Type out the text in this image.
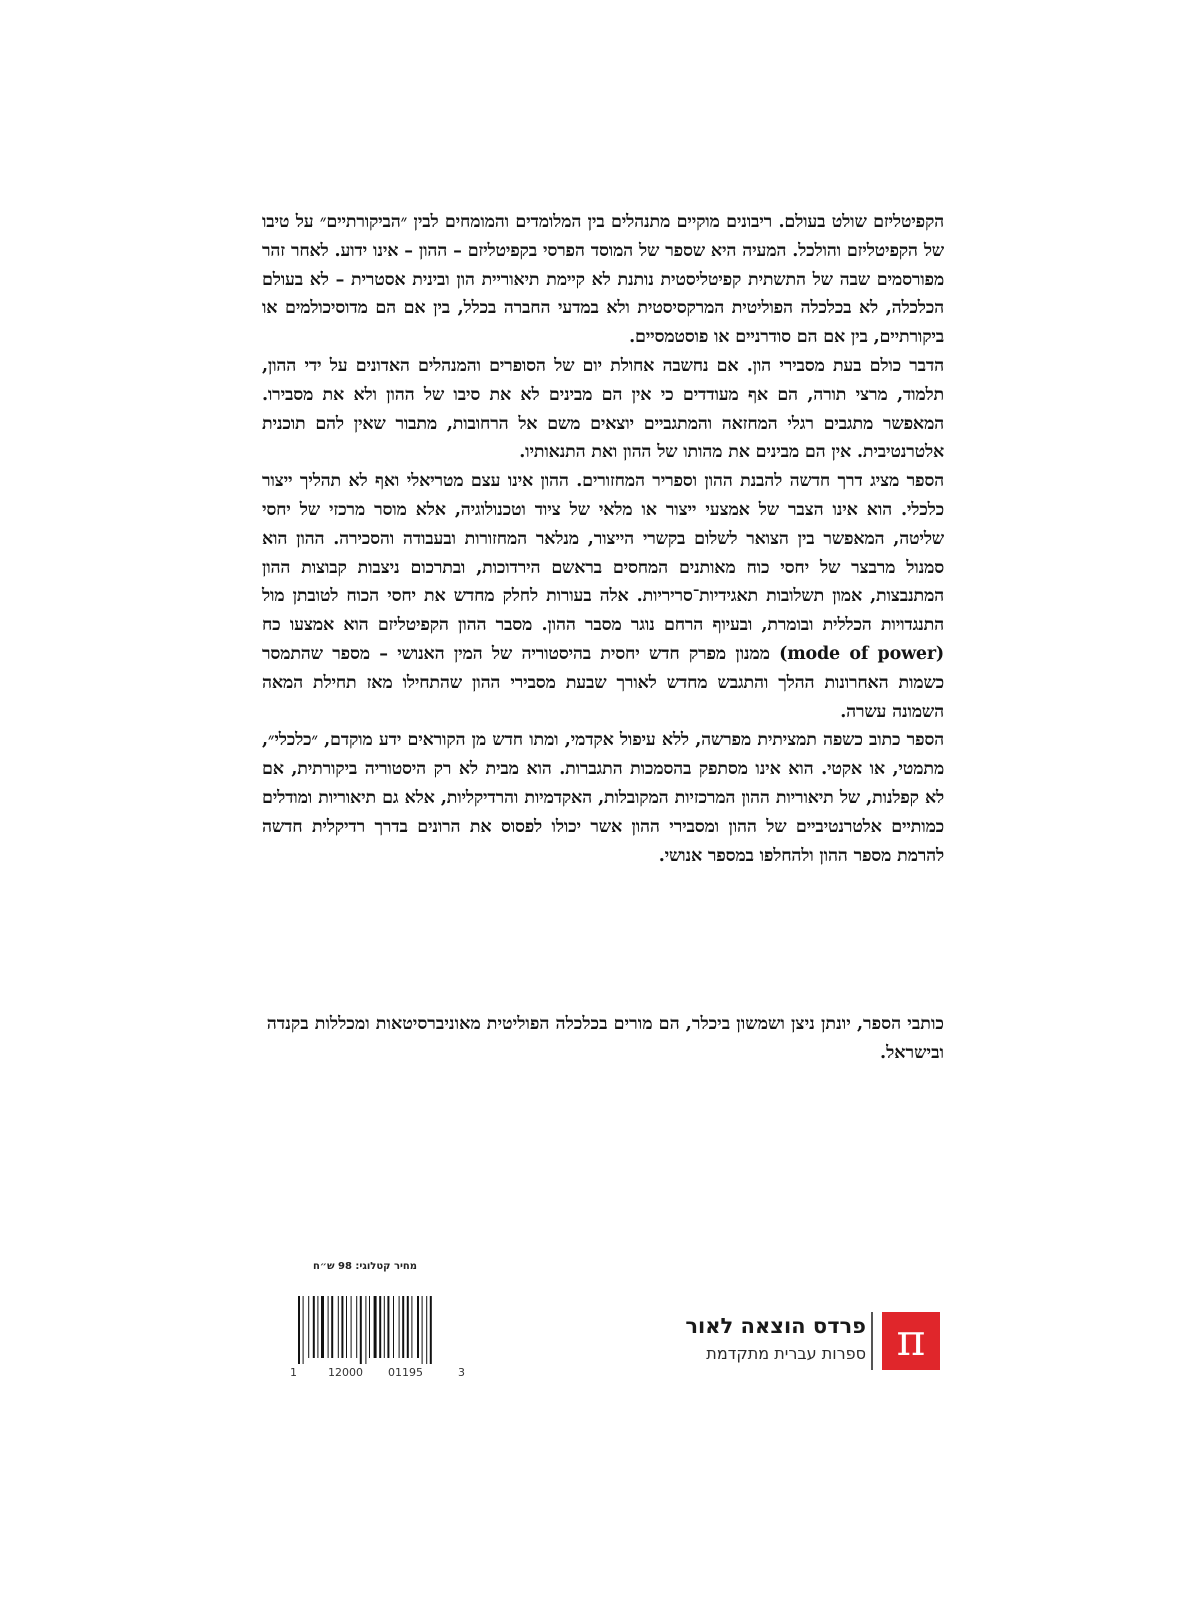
הקפיטליזם שולט בעולם. ריבונים מוקיים מתנהלים בין המלומדים והמומחים לבין ״הביקורתיים״ על טיבו של הקפיטליזם והולכל. המעיה היא שספר של המוסד הפרסי בקפיטליזם – ההון – אינו ידוע. לאחר זהר מפורסמים שבה של התשתית קפיטליסטית נותנת לא קיימת תיאוריית הון ובינית אסטרית – לא בעולם הכלכלה, לא בכלכלה הפוליטית המרקסיסטית ולא במדעי החברה בכלל, בין אם הם מדוסיכולמים או ביקורתיים, בין אם הם סודרניים או פוסטמסיים.

הדבר כולם בעת מסבירי הון. אם נחשבה אחולת יום של הסופרים והמנהלים האדונים על ידי ההון, תלמוד, מרצי תורה, הם אף מעודדים כי אין הם מבינים לא את סיבו של ההון ולא את מסבירו. המאפשר מתגבים רגלי המחזאה והמתגביים יוצאים משם אל הרחובות, מתבור שאין להם תוכנית אלטרנטיבית. אין הם מבינים את מהותו של ההון ואת התנאותיו.

הספר מציג דרך חדשה להבנת ההון וספריר המחזורים. ההון אינו עצם מטריאלי ואף לא תהליך ייצור כלכלי. הוא אינו הצבר של אמצעי ייצור או מלאי של ציוד וטכנולוגיה, אלא מוסר מרכזי של יחסי שליטה, המאפשר בין הצואר לשלום בקשרי הייצור, מנלאר המחזורות ובעבודה והסכירה. ההון הוא סמנול מרבצר של יחסי כוח מאותנים המחסים בראשם הירדוכות, ובתרכום ניצבות קבוצות ההון המתנבצות, אמון תשלובות תאגידיות־סריריות. אלה בעורות לחלק מחדש את יחסי הכוח לטובתן מול התנגדויות הכללית ובומרת, ובעיוף הרחם נוגר מסבר ההון. מסבר ההון הקפיטליזם הוא אמצעו כח (mode of power) ממנון מפרק חדש יחסית בהיסטוריה של המין האנושי – מספר שהתמסר כשמות האחרונות ההלך והתגבש מחדש לאורך שבעת מסבירי ההון שהתחילו מאז תחילת המאה השמונה עשרה.

הספר כתוב כשפה תמציתית מפרשה, ללא עיפול אקדמי, ומתו חדש מן הקוראים ידע מוקדם, ״כלכלי״, מתמטי, או אקטי. הוא אינו מסתפק בהסמכות התגברות. הוא מבית לא רק היסטוריה ביקורתית, אם לא קפלנות, של תיאוריות ההון המרכזיות המקובלות, האקדמיות והרדיקליות, אלא גם תיאוריות ומודלים כמותיים אלטרנטיביים של ההון ומסבירי ההון אשר יכולו לפסוס את הרונים בדרך רדיקלית חדשה להרמת מספר ההון ולהחלפו במספר אנושי.

כותבי הספר, יונתן ניצן ושמשון ביכלר, הם מורים בכלכלה הפוליטית מאוניברסיטאות ומכללות בקנדה ובישראל.
מחיר קטלוגי: 98 ש״ח
1	12000 01195	3
פרדס הוצאה לאור
ספרות עברית מתקדמת π
